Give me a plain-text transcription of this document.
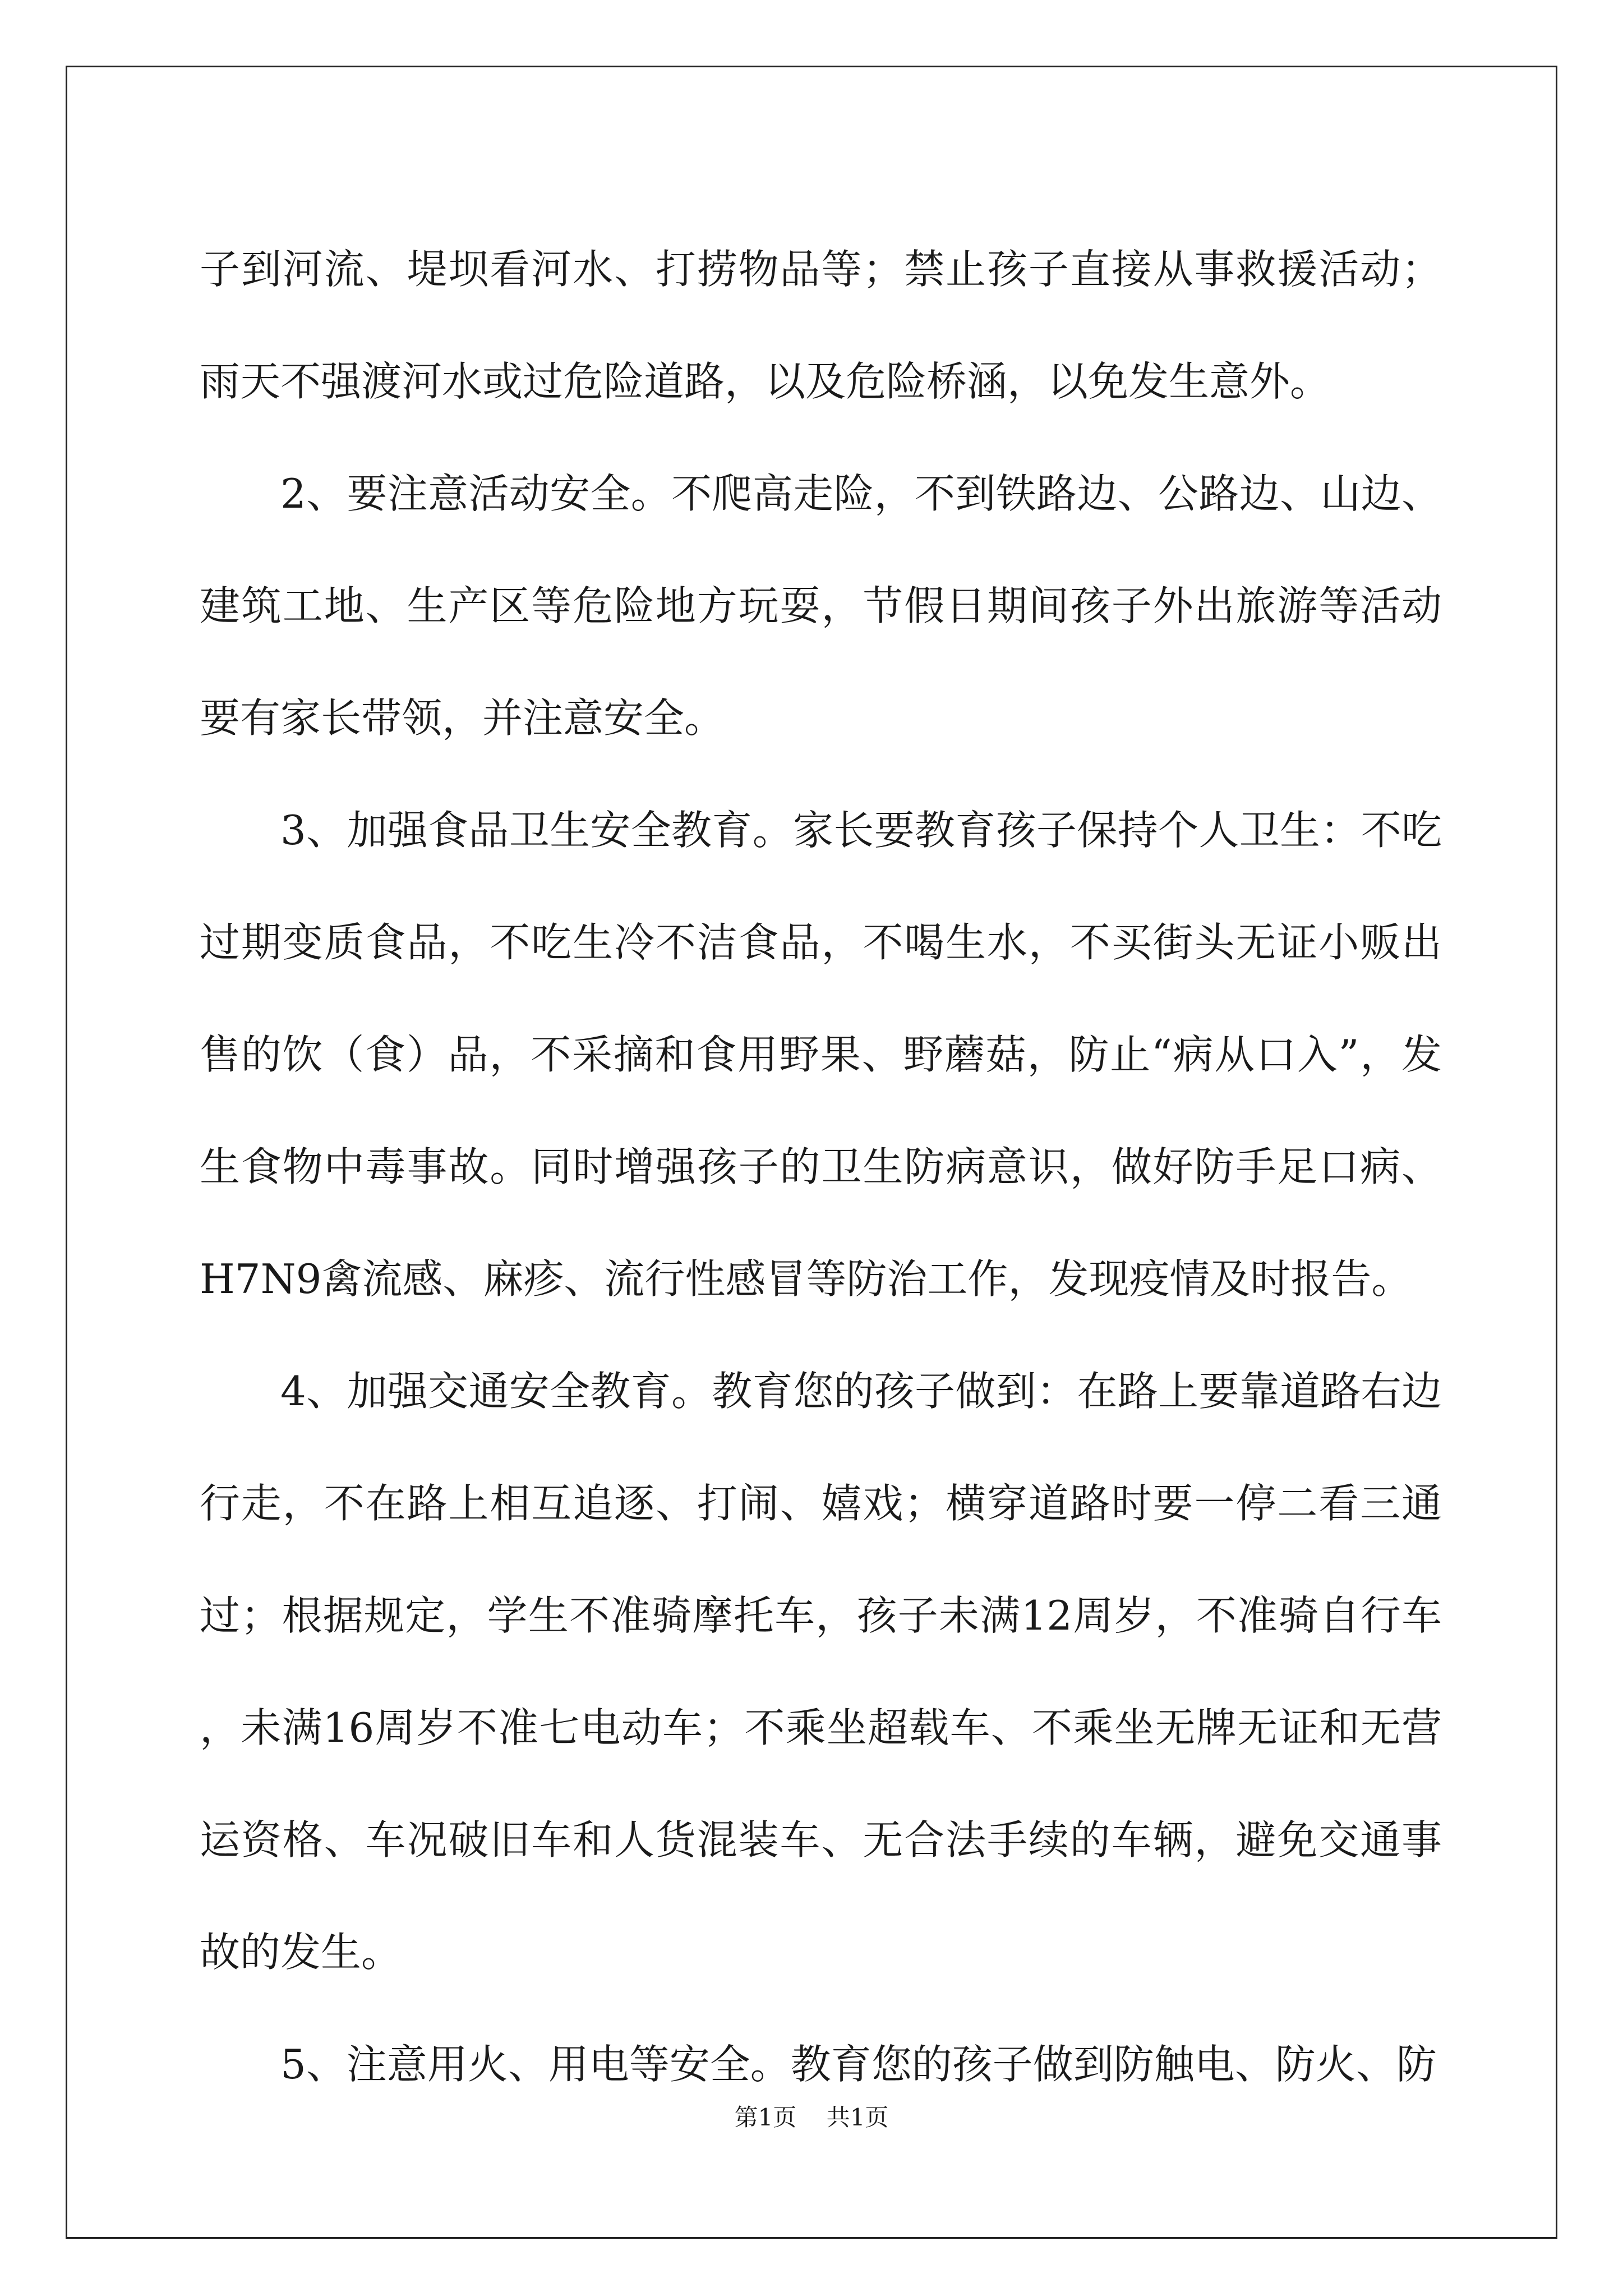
子到河流、堤坝看河水、打捞物品等；禁止孩子直接从事救援活动；雨天不强渡河水或过危险道路，以及危险桥涵，以免发生意外。

2、要注意活动安全。不爬高走险，不到铁路边、公路边、山边、建筑工地、生产区等危险地方玩耍，节假日期间孩子外出旅游等活动要有家长带领，并注意安全。

3、加强食品卫生安全教育。家长要教育孩子保持个人卫生：不吃过期变质食品，不吃生冷不洁食品，不喝生水，不买街头无证小贩出售的饮（食）品，不采摘和食用野果、野蘑菇，防止“病从口入”，发生食物中毒事故。同时增强孩子的卫生防病意识，做好防手足口病、H7N9禽流感、麻疹、流行性感冒等防治工作，发现疫情及时报告。

4、加强交通安全教育。教育您的孩子做到：在路上要靠道路右边行走，不在路上相互追逐、打闹、嬉戏；横穿道路时要一停二看三通过；根据规定，学生不准骑摩托车，孩子未满12周岁，不准骑自行车，未满16周岁不准七电动车；不乘坐超载车、不乘坐无牌无证和无营运资格、车况破旧车和人货混装车、无合法手续的车辆，避免交通事故的发生。

5、注意用火、用电等安全。教育您的孩子做到防触电、防火、防

第1页 共1页
